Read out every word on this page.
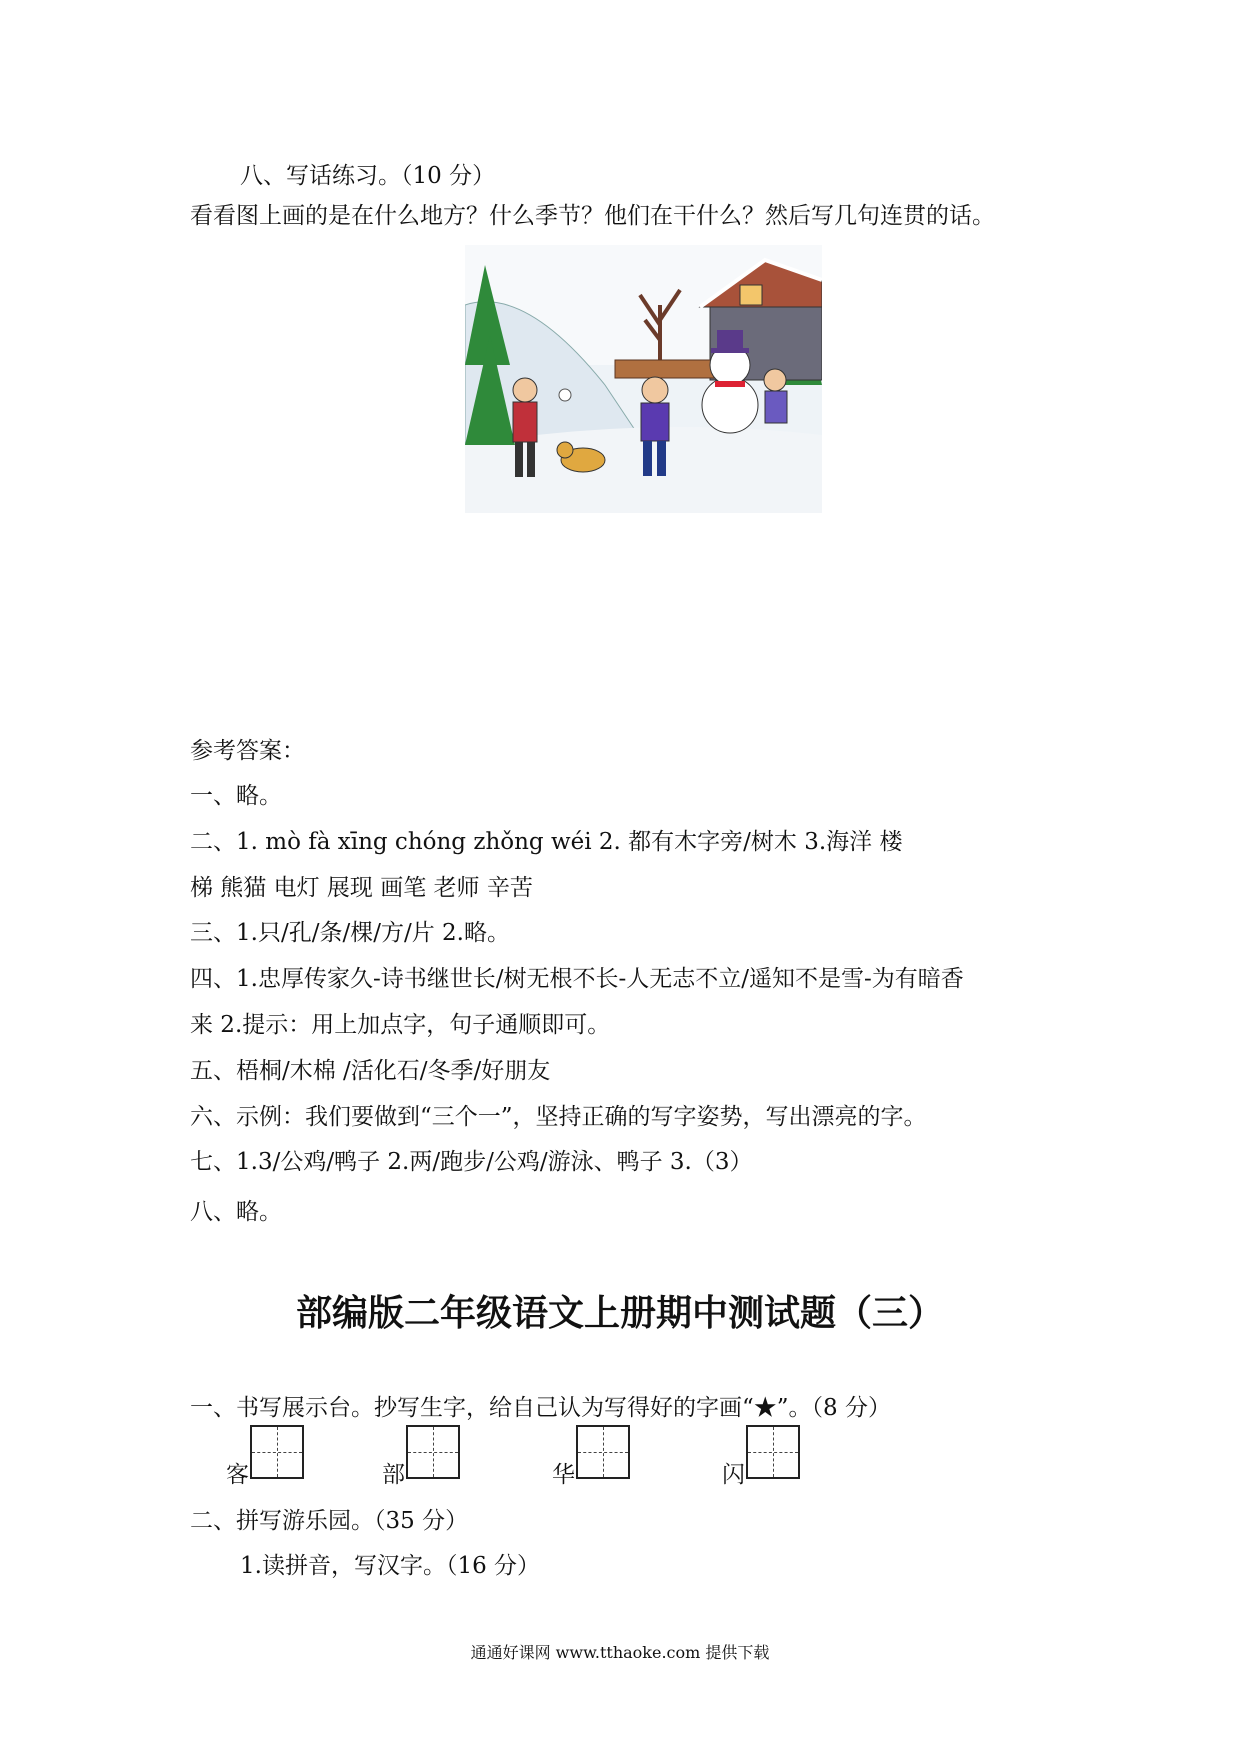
八、写话练习。（10 分）
看看图上画的是在什么地方？什么季节？他们在干什么？然后写几句连贯的话。
参考答案：
一、略。
二、1. mò fà xīng chóng zhǒng wéi 2. 都有木字旁/树木 3.海洋 楼
梯 熊猫 电灯 展现 画笔 老师 辛苦
三、1.只/孔/条/棵/方/片 2.略。
四、1.忠厚传家久-诗书继世长/树无根不长-人无志不立/遥知不是雪-为有暗香
来 2.提示：用上加点字，句子通顺即可。
五、梧桐/木棉 /活化石/冬季/好朋友
六、示例：我们要做到“三个一”，坚持正确的写字姿势，写出漂亮的字。
七、1.3/公鸡/鸭子 2.两/跑步/公鸡/游泳、鸭子 3.（3）
八、略。
部编版二年级语文上册期中测试题（三）
一、书写展示台。抄写生字，给自己认为写得好的字画“★”。（8 分）
客	部	华	闪
二、拼写游乐园。（35 分）
1.读拼音，写汉字。（16 分）
通通好课网 www.tthaoke.com 提供下载
